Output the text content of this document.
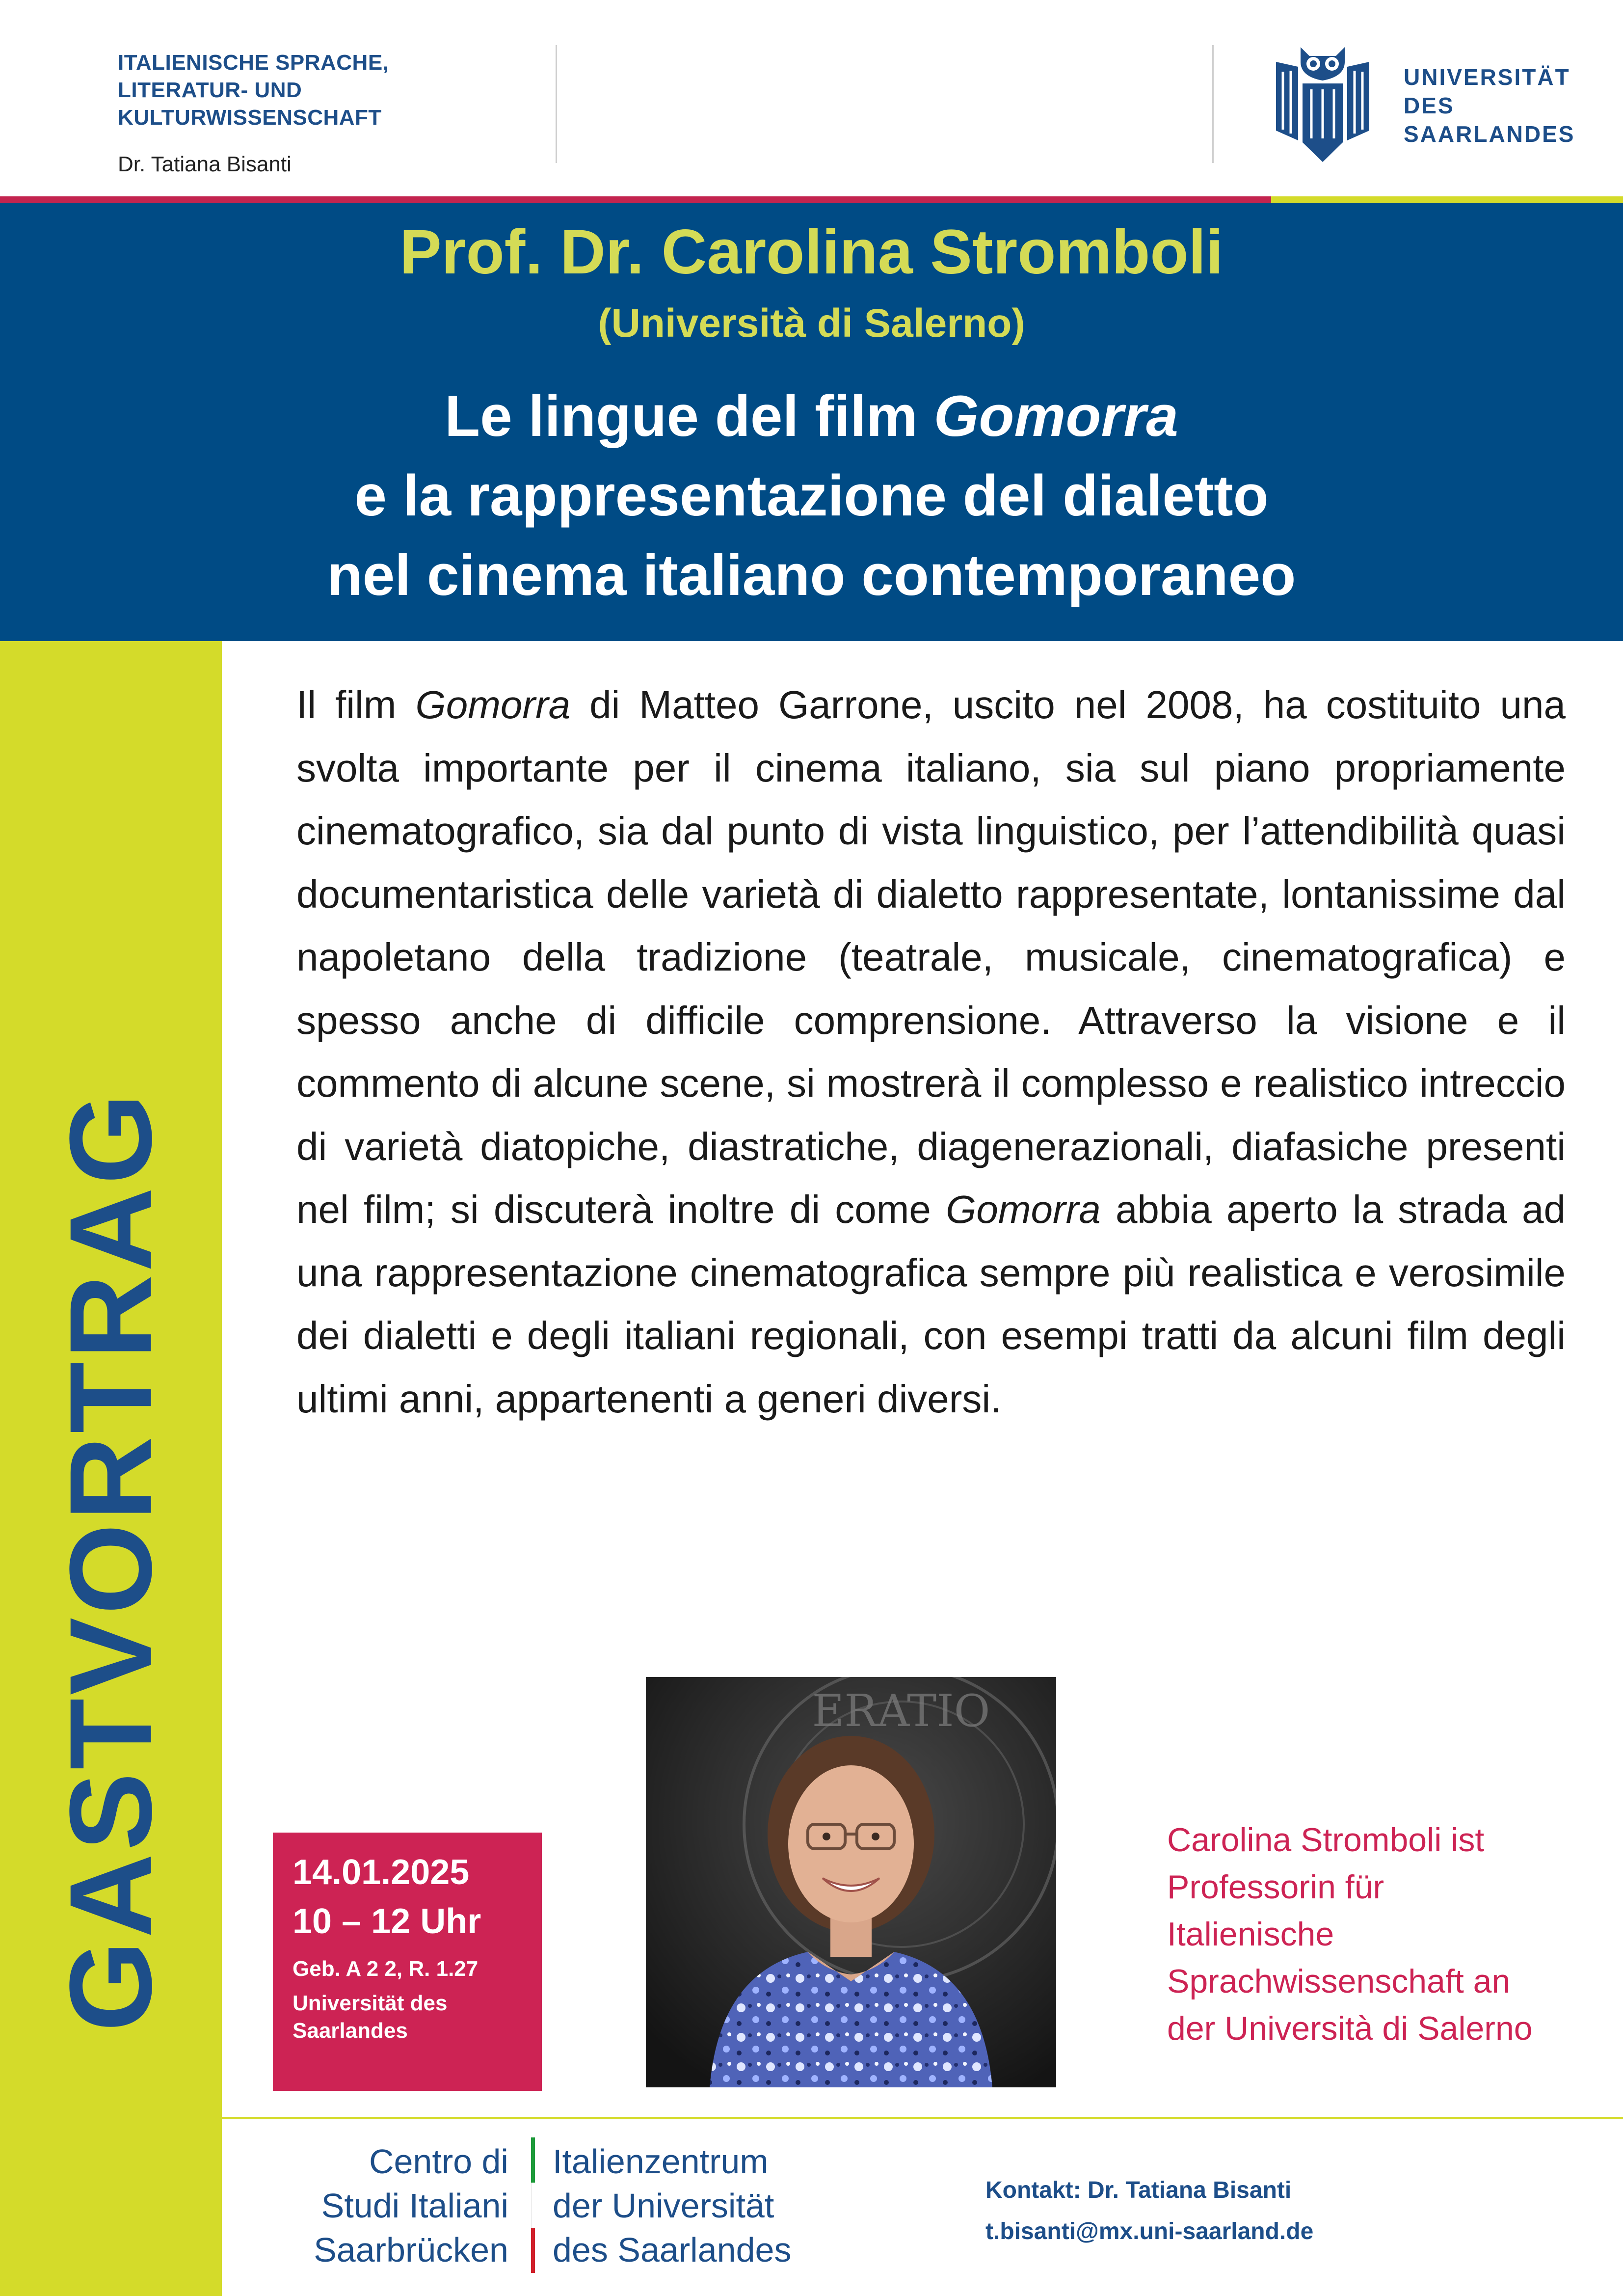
ITALIENISCHE SPRACHE,
LITERATUR- UND
KULTURWISSENSCHAFT
Dr. Tatiana Bisanti
UNIVERSITÄT
DES
SAARLANDES
Prof. Dr. Carolina Stromboli
(Università di Salerno)
Le lingue del film Gomorra
e la rappresentazione del dialetto
nel cinema italiano contemporaneo
GASTVORTRAG
Il film Gomorra di Matteo Garrone, uscito nel 2008, ha costituito una svolta importante per il cinema italiano, sia sul piano propriamente cinematografico, sia dal punto di vista linguistico, per l’attendibilità quasi documentaristica delle varietà di dialetto rappresentate, lontanissime dal napoletano della tradizione (teatrale, musicale, cinematografica) e spesso anche di difficile comprensione. Attraverso la visione e il commento di alcune scene, si mostrerà il complesso e realistico intreccio di varietà diatopiche, diastratiche, diagenerazionali, diafasiche presenti nel film; si discuterà inoltre di come Gomorra abbia aperto la strada ad una rappresentazione cinematografica sempre più realistica e verosimile dei dialetti e degli italiani regionali, con esempi tratti da alcuni film degli ultimi anni, appartenenti a generi diversi.
14.01.2025
10 – 12 Uhr
Geb. A 2 2, R. 1.27
Universität des Saarlandes
ERATIO
Carolina Stromboli ist
Professorin für
Italienische
Sprachwissenschaft an
der Università di Salerno
Centro di
Studi Italiani
Saarbrücken
Italienzentrum
der Universität
des Saarlandes
Kontakt: Dr. Tatiana Bisanti
t.bisanti@mx.uni-saarland.de
